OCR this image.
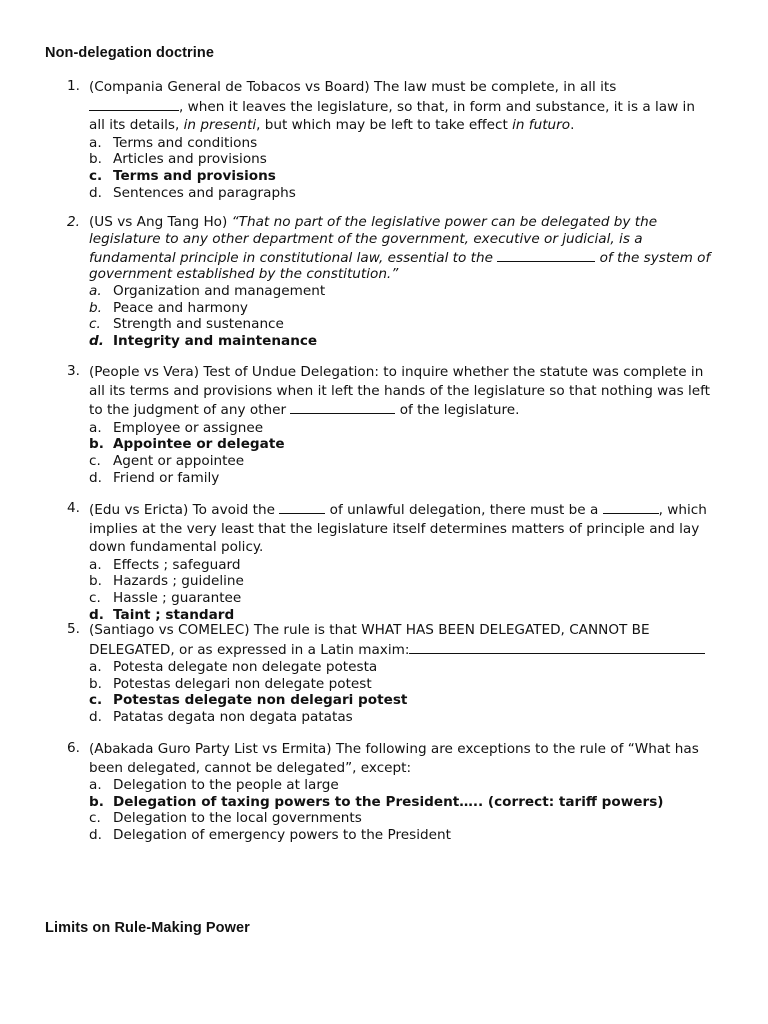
Non-delegation doctrine
1. (Compania General de Tobacos vs Board) The law must be complete, in all its
, when it leaves the legislature, so that, in form and substance, it is a law in
all its details, in presenti, but which may be left to take effect in futuro.
a. Terms and conditions
b. Articles and provisions
c. Terms and provisions
d. Sentences and paragraphs
2. (US vs Ang Tang Ho) “That no part of the legislative power can be delegated by the
legislature to any other department of the government, executive or judicial, is a
fundamental principle in constitutional law, essential to the	of the system of
government established by the constitution.”
a. Organization and management
b. Peace and harmony
c. Strength and sustenance
d. Integrity and maintenance
3. (People vs Vera) Test of Undue Delegation: to inquire whether the statute was complete in
all its terms and provisions when it left the hands of the legislature so that nothing was left
to the judgment of any other	of the legislature.
a. Employee or assignee
b. Appointee or delegate
c. Agent or appointee
d. Friend or family
4. (Edu vs Ericta) To avoid the	of unlawful delegation, there must be a	, which
implies at the very least that the legislature itself determines matters of principle and lay
down fundamental policy.
a. Effects ; safeguard
b. Hazards ; guideline
c. Hassle ; guarantee
d. Taint ; standard
5. (Santiago vs COMELEC) The rule is that WHAT HAS BEEN DELEGATED, CANNOT BE
DELEGATED, or as expressed in a Latin maxim:
a. Potesta delegate non delegate potesta
b. Potestas delegari non delegate potest
c. Potestas delegate non delegari potest
d. Patatas degata non degata patatas
6. (Abakada Guro Party List vs Ermita) The following are exceptions to the rule of “What has
been delegated, cannot be delegated”, except:
a. Delegation to the people at large
b. Delegation of taxing powers to the President….. (correct: tariff powers)
c. Delegation to the local governments
d. Delegation of emergency powers to the President
Limits on Rule-Making Power
